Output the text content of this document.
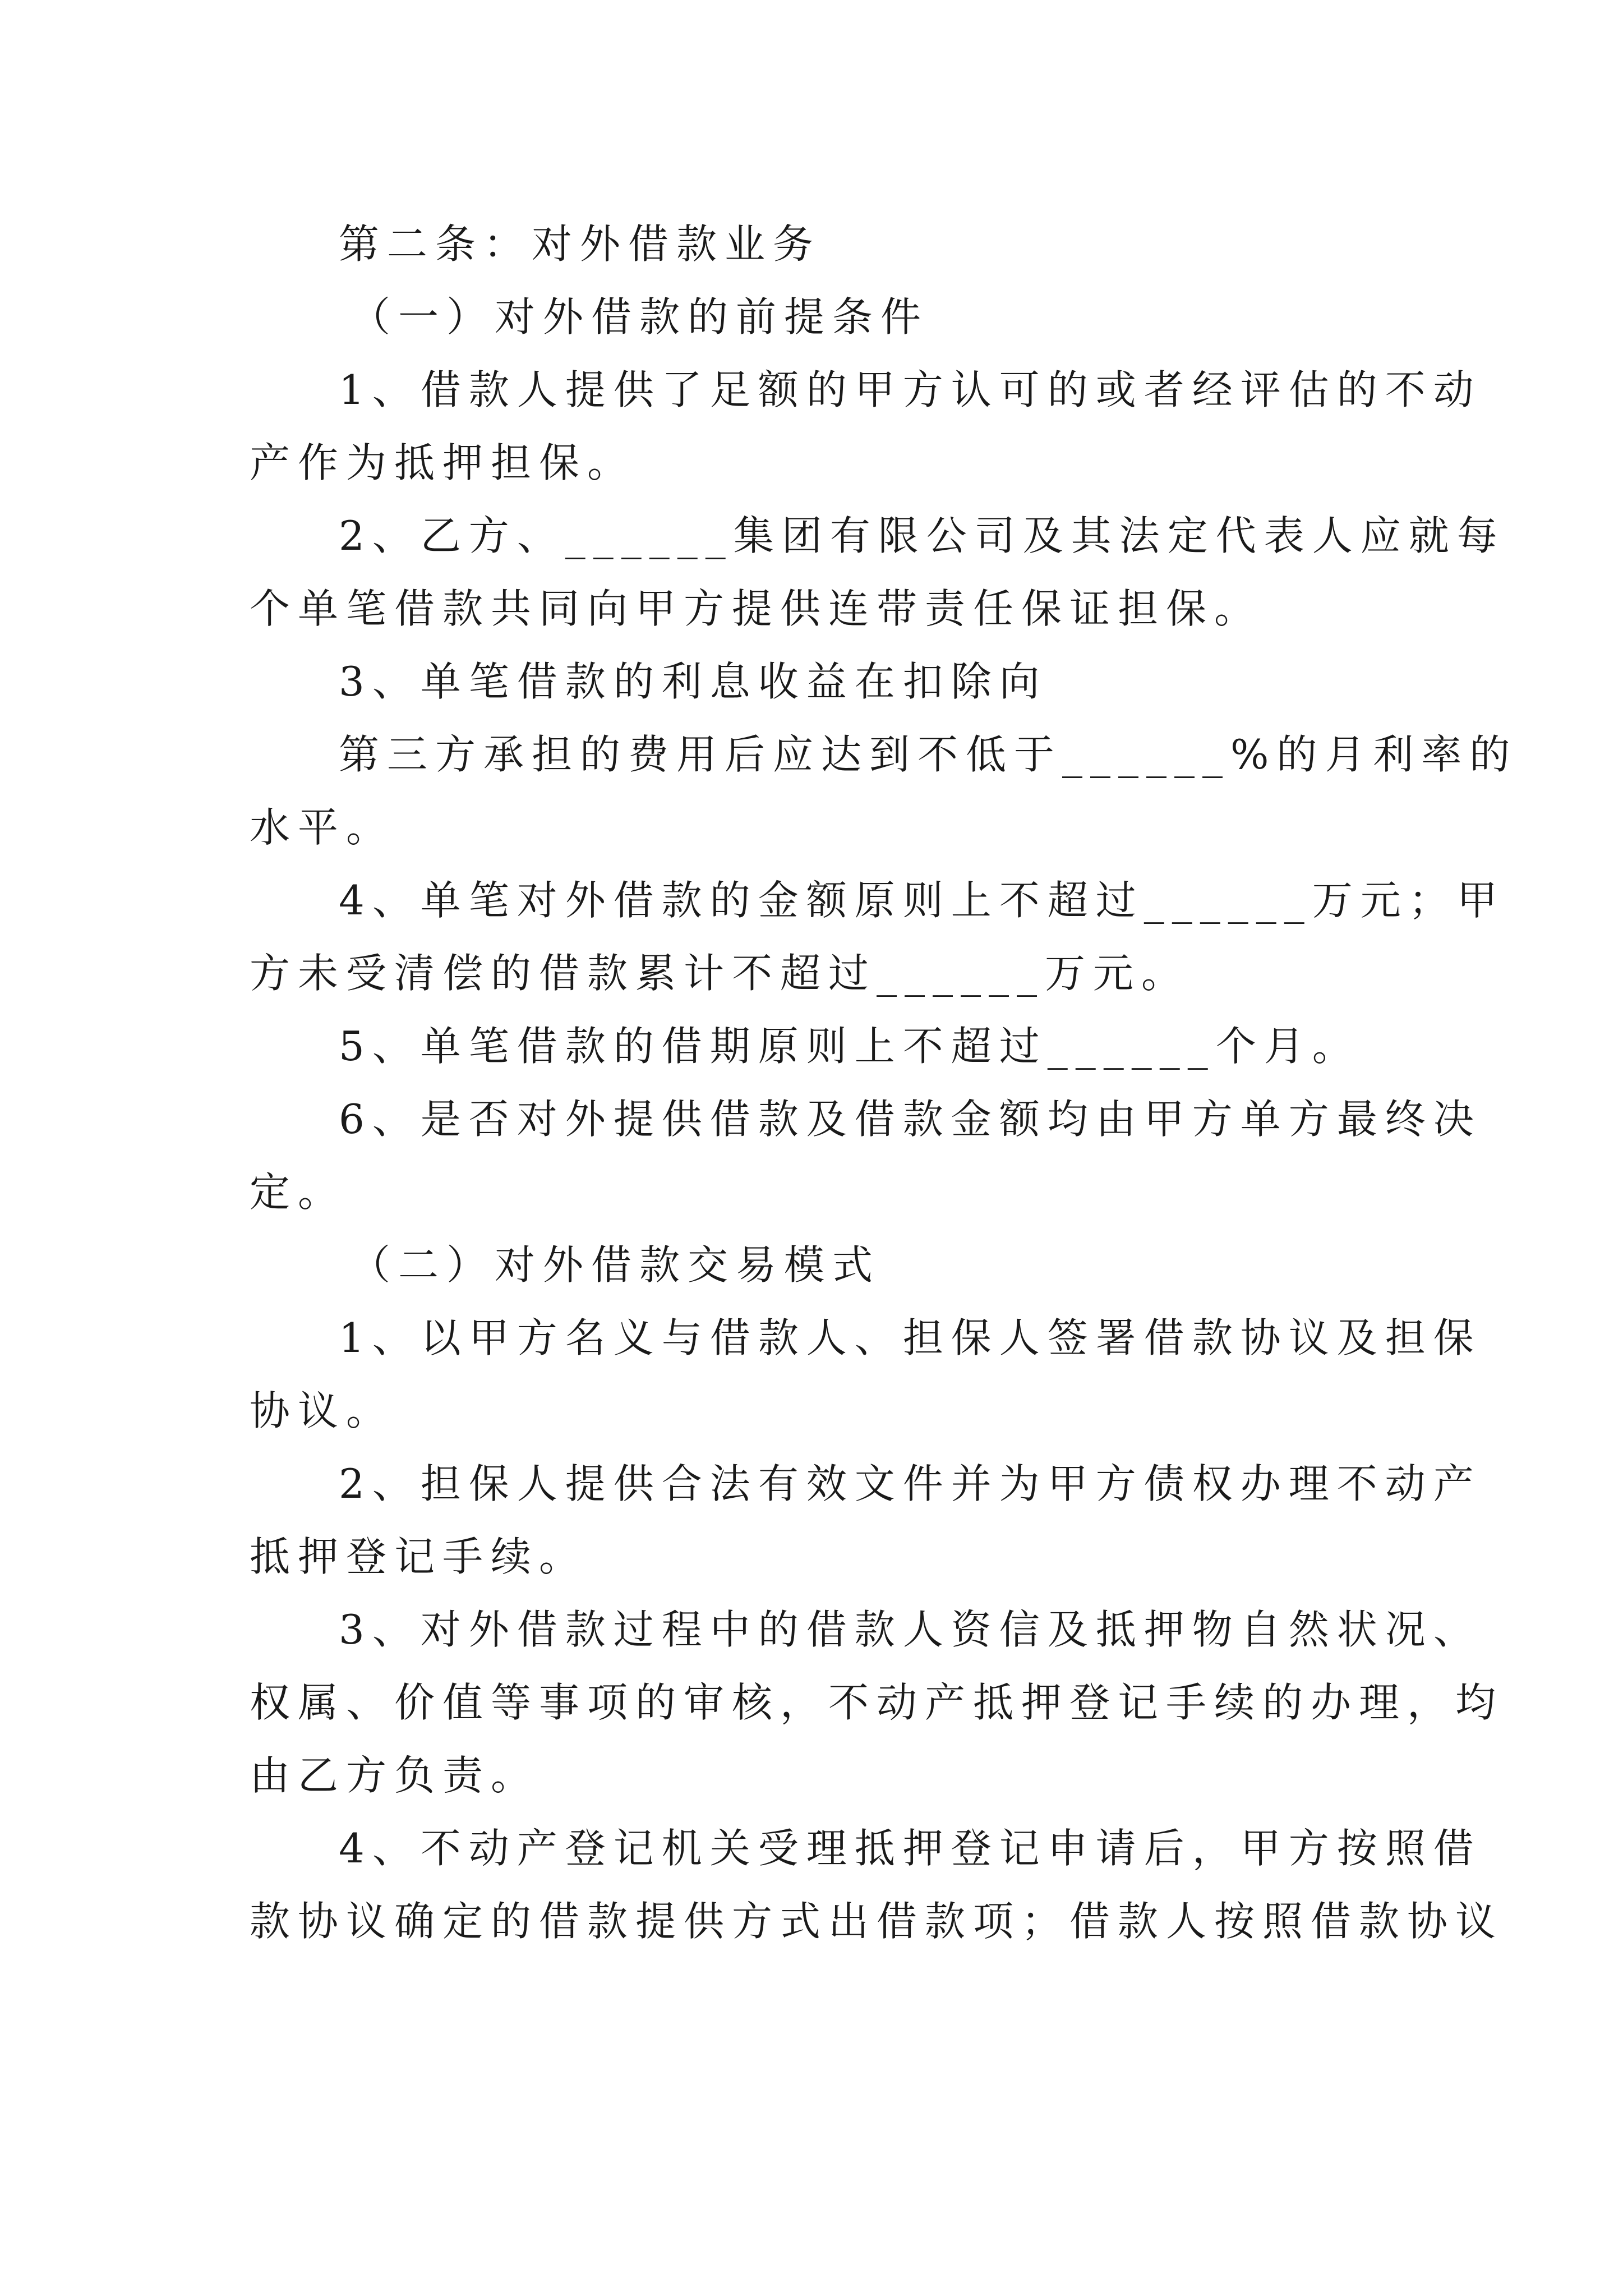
第二条：对外借款业务
（一）对外借款的前提条件
1、借款人提供了足额的甲方认可的或者经评估的不动
产作为抵押担保。
2、乙方、______集团有限公司及其法定代表人应就每
个单笔借款共同向甲方提供连带责任保证担保。
3、单笔借款的利息收益在扣除向
第三方承担的费用后应达到不低于______%的月利率的
水平。
4、单笔对外借款的金额原则上不超过______万元；甲
方未受清偿的借款累计不超过______万元。
5、单笔借款的借期原则上不超过______个月。
6、是否对外提供借款及借款金额均由甲方单方最终决
定。
（二）对外借款交易模式
1、以甲方名义与借款人、担保人签署借款协议及担保
协议。
2、担保人提供合法有效文件并为甲方债权办理不动产
抵押登记手续。
3、对外借款过程中的借款人资信及抵押物自然状况、
权属、价值等事项的审核，不动产抵押登记手续的办理，均
由乙方负责。
4、不动产登记机关受理抵押登记申请后，甲方按照借
款协议确定的借款提供方式出借款项；借款人按照借款协议
